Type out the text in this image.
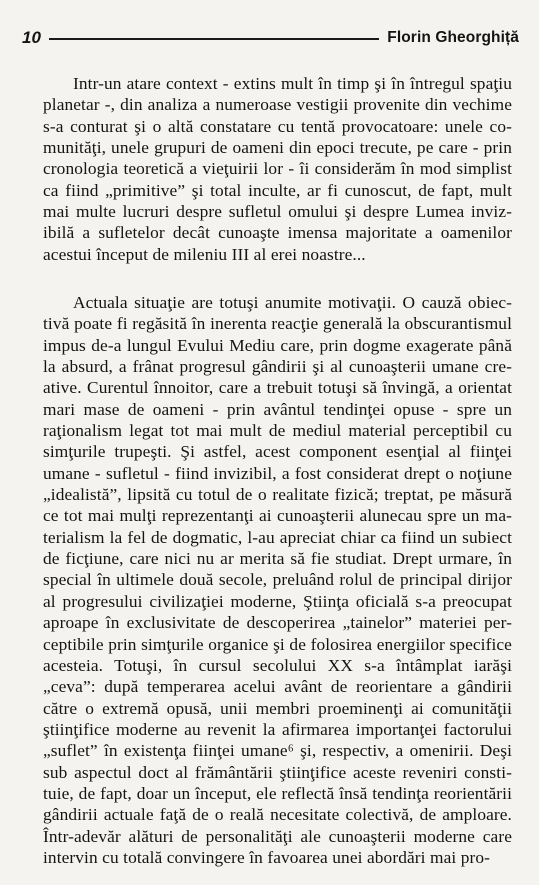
10	Florin Gheorghiță
Intr-un atare context - extins mult în timp şi în întregul spaţiu
planetar -, din analiza a numeroase vestigii provenite din vechime
s-a conturat şi o altă constatare cu tentă provocatoare: unele co-
munităţi, unele grupuri de oameni din epoci trecute, pe care - prin
cronologia teoretică a vieţuirii lor - îi considerăm în mod simplist
ca fiind „primitive” şi total inculte, ar fi cunoscut, de fapt, mult
mai multe lucruri despre sufletul omului şi despre Lumea inviz-
ibilă a sufletelor decât cunoaşte imensa majoritate a oamenilor
acestui început de mileniu III al erei noastre...
Actuala situaţie are totuşi anumite motivaţii. O cauză obiec-
tivă poate fi regăsită în inerenta reacţie generală la obscurantismul
impus de-a lungul Evului Mediu care, prin dogme exagerate până
la absurd, a frânat progresul gândirii şi al cunoaşterii umane cre-
ative. Curentul înnoitor, care a trebuit totuşi să învingă, a orientat
mari mase de oameni - prin avântul tendinţei opuse - spre un
raţionalism legat tot mai mult de mediul material perceptibil cu
simţurile trupeşti. Şi astfel, acest component esenţial al fiinţei
umane - sufletul - fiind invizibil, a fost considerat drept o noţiune
„idealistă”, lipsită cu totul de o realitate fizică; treptat, pe măsură
ce tot mai mulţi reprezentanţi ai cunoaşterii alunecau spre un ma-
terialism la fel de dogmatic, l-au apreciat chiar ca fiind un subiect
de ficţiune, care nici nu ar merita să fie studiat. Drept urmare, în
special în ultimele două secole, preluând rolul de principal dirijor
al progresului civilizaţiei moderne, Ştiinţa oficială s-a preocupat
aproape în exclusivitate de descoperirea „tainelor” materiei per-
ceptibile prin simţurile organice şi de folosirea energiilor specifice
acesteia. Totuşi, în cursul secolului XX s-a întâmplat iarăşi
„ceva”: după temperarea acelui avânt de reorientare a gândirii
către o extremă opusă, unii membri proeminenţi ai comunităţii
ştiinţifice moderne au revenit la afirmarea importanţei factorului
„suflet” în existenţa fiinţei umane⁶ şi, respectiv, a omenirii. Deşi
sub aspectul doct al frământării ştiinţifice aceste reveniri consti-
tuie, de fapt, doar un început, ele reflectă însă tendinţa reorientării
gândirii actuale faţă de o reală necesitate colectivă, de amploare.
Într-adevăr alături de personalităţi ale cunoaşterii moderne care
intervin cu totală convingere în favoarea unei abordări mai pro-
